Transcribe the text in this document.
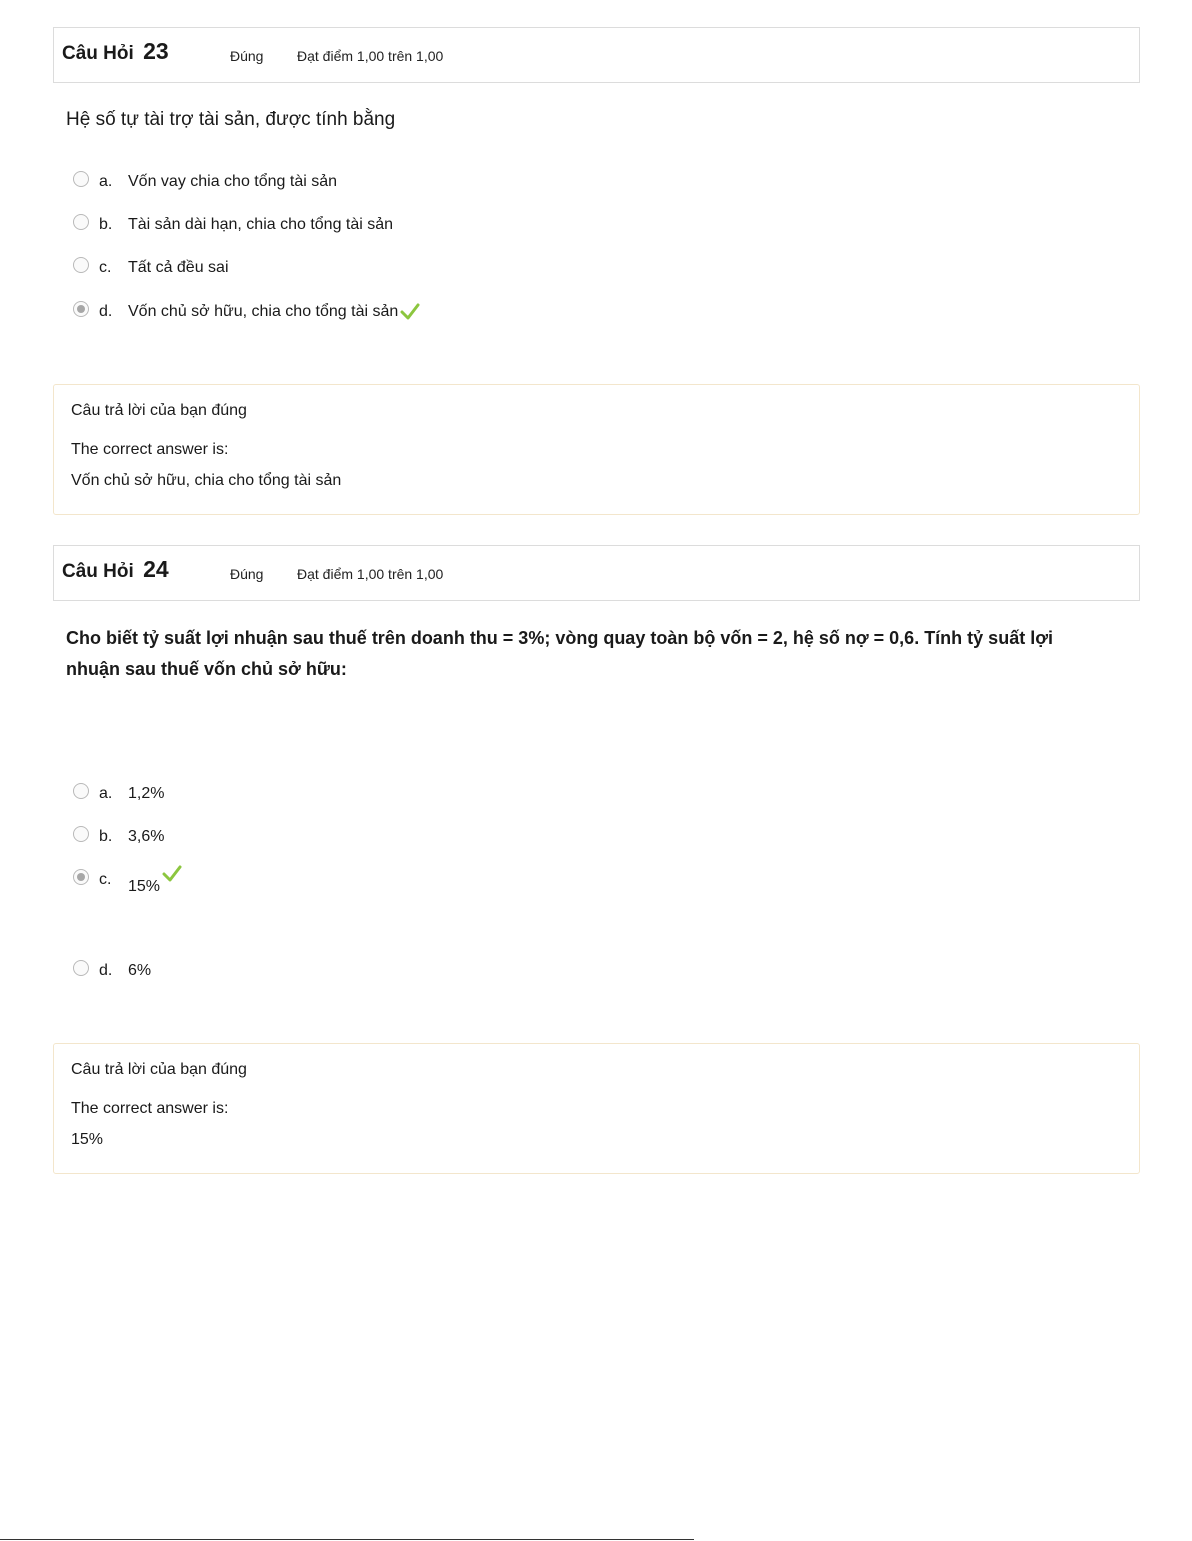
Câu Hỏi 23	Đúng Đạt điểm 1,00 trên 1,00
Hệ số tự tài trợ tài sản, được tính bằng
a. Vốn vay chia cho tổng tài sản
b. Tài sản dài hạn, chia cho tổng tài sản
c. Tất cả đều sai
d. Vốn chủ sở hữu, chia cho tổng tài sản
Câu trả lời của bạn đúng
The correct answer is:
Vốn chủ sở hữu, chia cho tổng tài sản
Câu Hỏi 24	Đúng Đạt điểm 1,00 trên 1,00
Cho biết tỷ suất lợi nhuận sau thuế trên doanh thu = 3%; vòng quay toàn bộ vốn = 2, hệ số nợ = 0,6. Tính tỷ suất lợi nhuận sau thuế vốn chủ sở hữu:
a. 1,2%
b. 3,6%
c. 15%
d. 6%
Câu trả lời của bạn đúng
The correct answer is:
15%
